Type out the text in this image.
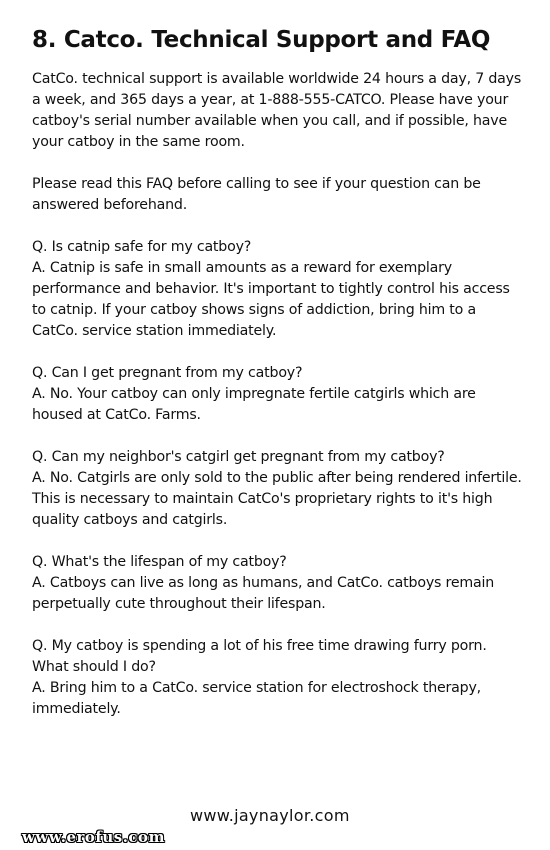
8. Catco. Technical Support and FAQ

CatCo. technical support is available worldwide 24 hours a day, 7 days a week, and 365 days a year, at 1-888-555-CATCO. Please have your catboy's serial number available when you call, and if possible, have your catboy in the same room.

Please read this FAQ before calling to see if your question can be answered beforehand.

Q. Is catnip safe for my catboy?

A. Catnip is safe in small amounts as a reward for exemplary performance and behavior. It's important to tightly control his access to catnip. If your catboy shows signs of addiction, bring him to a CatCo. service station immediately.

Q. Can I get pregnant from my catboy?

A. No. Your catboy can only impregnate fertile catgirls which are housed at CatCo. Farms.

Q. Can my neighbor's catgirl get pregnant from my catboy?

A. No. Catgirls are only sold to the public after being rendered infertile. This is necessary to maintain CatCo's proprietary rights to it's high quality catboys and catgirls.

Q. What's the lifespan of my catboy?

A. Catboys can live as long as humans, and CatCo. catboys remain perpetually cute throughout their lifespan.

Q. My catboy is spending a lot of his free time drawing furry porn. What should I do?

A. Bring him to a CatCo. service station for electroshock therapy, immediately.

www.jaynaylor.com
www.erofus.com
